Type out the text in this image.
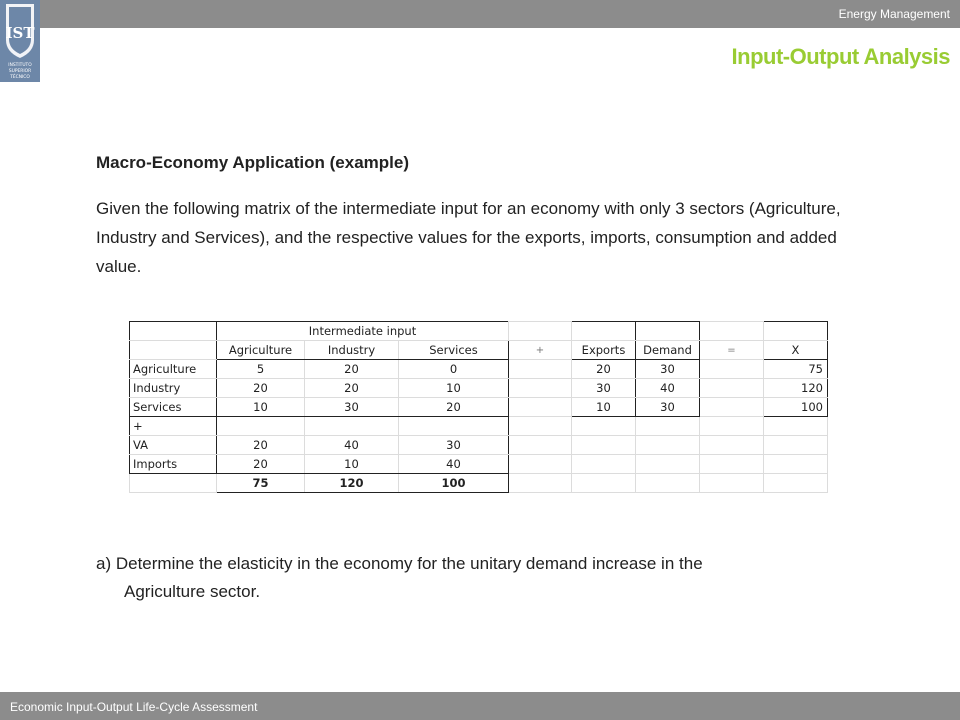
Energy Management
IST
INSTITUTO
SUPERIOR
TÉCNICO
Input-Output Analysis

Macro-Economy Application (example)

Given the following matrix of the intermediate input for an economy with only 3 sectors (Agriculture, Industry and Services), and the respective values for the exports, imports, consumption and added value.

	Intermediate input							
	Agriculture	Industry	Services	+	Exports	Demand	=	X
Agriculture	5	20	0		20	30		75
Industry	20	20	10		30	40		120
Services	10	30	20		10	30		100
+								
VA	20	40	30					
Imports	20	10	40					
	75	120	100					
a) Determine the elasticity in the economy for the unitary demand increase in the
Agriculture sector.
Economic Input-Output Life-Cycle Assessment
